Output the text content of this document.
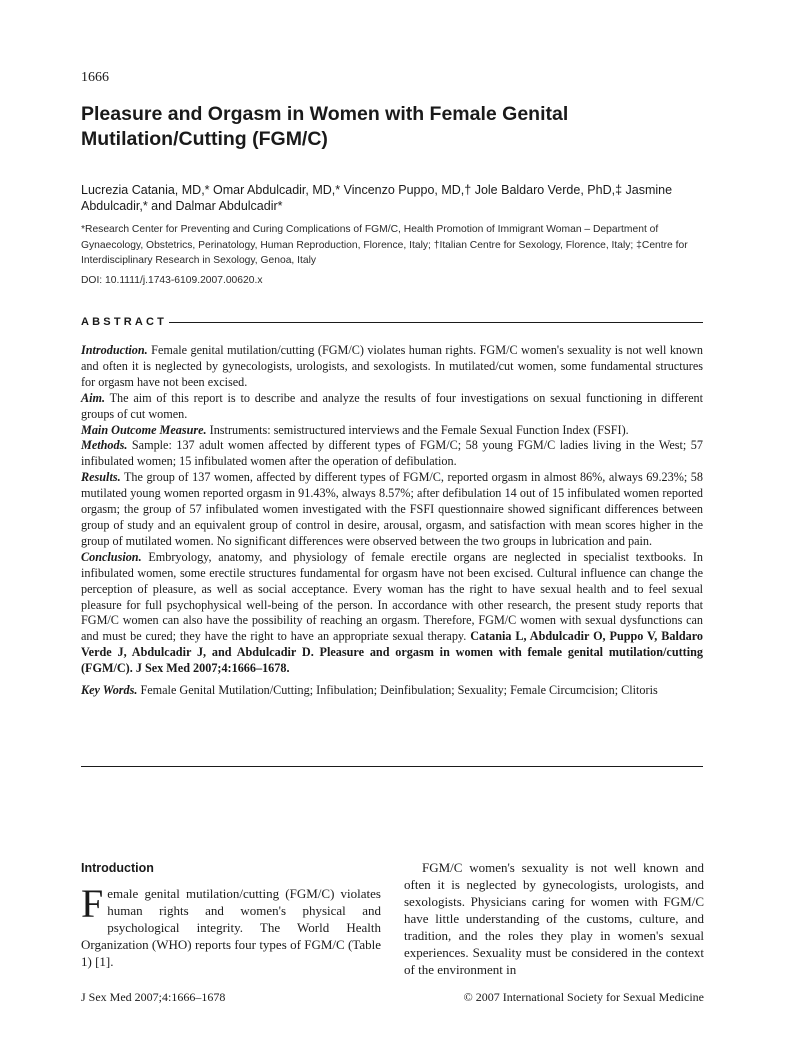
1666
Pleasure and Orgasm in Women with Female Genital Mutilation/Cutting (FGM/C)
Lucrezia Catania, MD,* Omar Abdulcadir, MD,* Vincenzo Puppo, MD,† Jole Baldaro Verde, PhD,‡ Jasmine Abdulcadir,* and Dalmar Abdulcadir*
*Research Center for Preventing and Curing Complications of FGM/C, Health Promotion of Immigrant Woman – Department of Gynaecology, Obstetrics, Perinatology, Human Reproduction, Florence, Italy; †Italian Centre for Sexology, Florence, Italy; ‡Centre for Interdisciplinary Research in Sexology, Genoa, Italy
DOI: 10.1111/j.1743-6109.2007.00620.x
ABSTRACT

Introduction. Female genital mutilation/cutting (FGM/C) violates human rights. FGM/C women's sexuality is not well known and often it is neglected by gynecologists, urologists, and sexologists. In mutilated/cut women, some fundamental structures for orgasm have not been excised.

Aim. The aim of this report is to describe and analyze the results of four investigations on sexual functioning in different groups of cut women.

Main Outcome Measure. Instruments: semistructured interviews and the Female Sexual Function Index (FSFI).

Methods. Sample: 137 adult women affected by different types of FGM/C; 58 young FGM/C ladies living in the West; 57 infibulated women; 15 infibulated women after the operation of defibulation.

Results. The group of 137 women, affected by different types of FGM/C, reported orgasm in almost 86%, always 69.23%; 58 mutilated young women reported orgasm in 91.43%, always 8.57%; after defibulation 14 out of 15 infibulated women reported orgasm; the group of 57 infibulated women investigated with the FSFI questionnaire showed significant differences between group of study and an equivalent group of control in desire, arousal, orgasm, and satisfaction with mean scores higher in the group of mutilated women. No significant differences were observed between the two groups in lubrication and pain.

Conclusion. Embryology, anatomy, and physiology of female erectile organs are neglected in specialist textbooks. In infibulated women, some erectile structures fundamental for orgasm have not been excised. Cultural influence can change the perception of pleasure, as well as social acceptance. Every woman has the right to have sexual health and to feel sexual pleasure for full psychophysical well-being of the person. In accordance with other research, the present study reports that FGM/C women can also have the possibility of reaching an orgasm. Therefore, FGM/C women with sexual dysfunctions can and must be cured; they have the right to have an appropriate sexual therapy. Catania L, Abdulcadir O, Puppo V, Baldaro Verde J, Abdulcadir J, and Abdulcadir D. Pleasure and orgasm in women with female genital mutilation/cutting (FGM/C). J Sex Med 2007;4:1666–1678.

Key Words. Female Genital Mutilation/Cutting; Infibulation; Deinfibulation; Sexuality; Female Circumcision; Clitoris

Introduction

Female genital mutilation/cutting (FGM/C) violates human rights and women's physical and psychological integrity. The World Health Organization (WHO) reports four types of FGM/C (Table 1) [1].

FGM/C women's sexuality is not well known and often it is neglected by gynecologists, urologists, and sexologists. Physicians caring for women with FGM/C have little understanding of the customs, culture, and tradition, and the roles they play in women's sexual experiences. Sexuality must be considered in the context of the environment in

J Sex Med 2007;4:1666–1678	© 2007 International Society for Sexual Medicine
